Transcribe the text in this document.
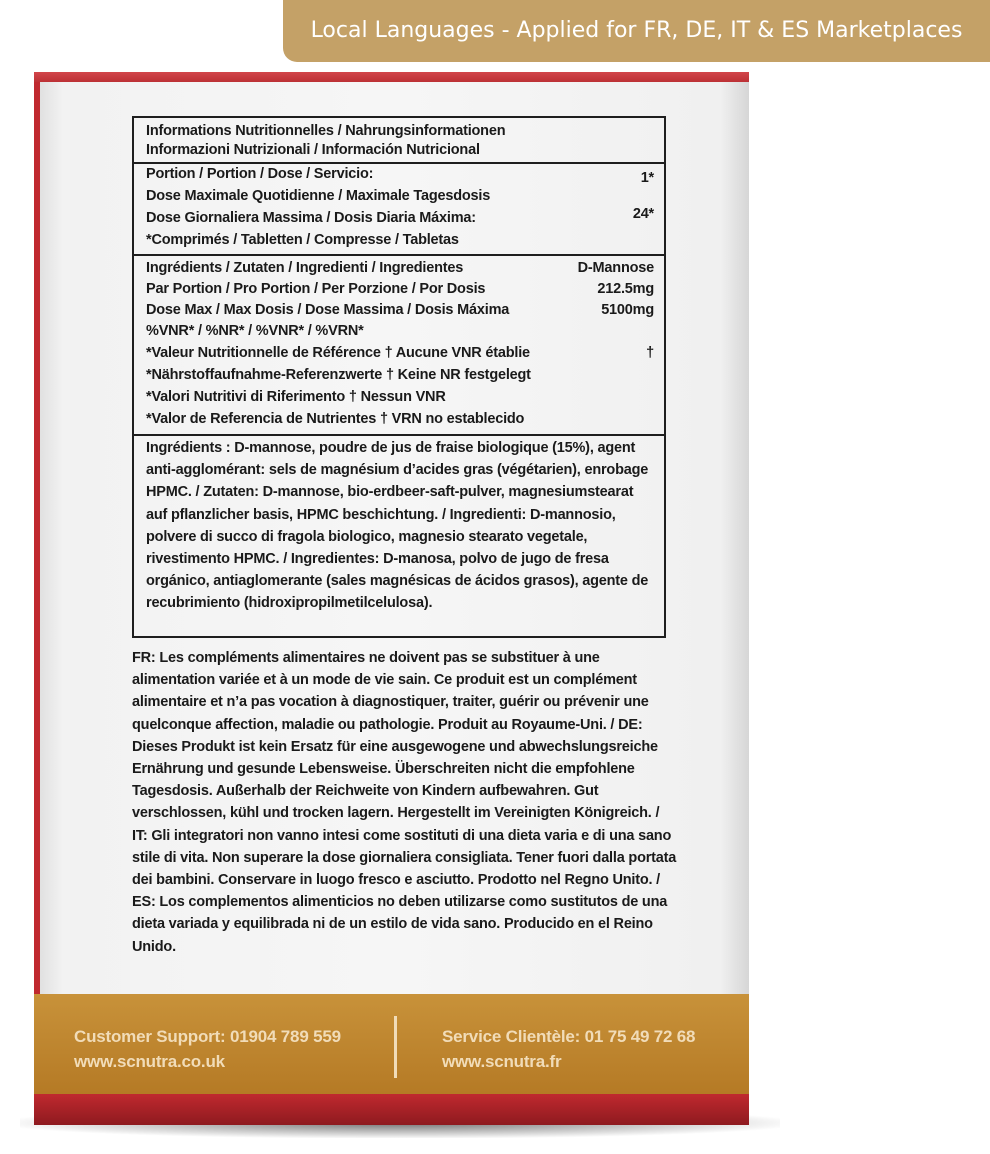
Local Languages - Applied for FR, DE, IT & ES Marketplaces
Informations Nutritionnelles / Nahrungsinformationen
Informazioni Nutrizionali / Información Nutricional
Portion / Portion / Dose / Servicio:	1*
Dose Maximale Quotidienne / Maximale Tagesdosis
Dose Giornaliera Massima / Dosis Diaria Máxima:	24*
*Comprimés / Tabletten / Compresse / Tabletas
Ingrédients / Zutaten / Ingredienti / Ingredientes	D-Mannose
Par Portion / Pro Portion / Per Porzione / Por Dosis	212.5mg
Dose Max / Max Dosis / Dose Massima / Dosis Máxima	5100mg
%VNR* / %NR* / %VNR* / %VRN*
*Valeur Nutritionnelle de Référence † Aucune VNR établie	†
*Nährstoffaufnahme-Referenzwerte † Keine NR festgelegt
*Valori Nutritivi di Riferimento † Nessun VNR
*Valor de Referencia de Nutrientes † VRN no establecido
Ingrédients : D-mannose, poudre de jus de fraise biologique (15%), agent anti-agglomérant: sels de magnésium d’acides gras (végétarien), enrobage HPMC. / Zutaten: D-mannose, bio-erdbeer-saft-pulver, magnesiumstearat auf pflanzlicher basis, HPMC beschichtung. / Ingredienti: D-mannosio, polvere di succo di fragola biologico, magnesio stearato vegetale, rivestimento HPMC. / Ingredientes: D-manosa, polvo de jugo de fresa orgánico, antiaglomerante (sales magnésicas de ácidos grasos), agente de recubrimiento (hidroxipropilmetilcelulosa).
FR: Les compléments alimentaires ne doivent pas se substituer à une alimentation variée et à un mode de vie sain. Ce produit est un complément alimentaire et n’a pas vocation à diagnostiquer, traiter, guérir ou prévenir une quelconque affection, maladie ou pathologie. Produit au Royaume-Uni. / DE: Dieses Produkt ist kein Ersatz für eine ausgewogene und abwechslungsreiche Ernährung und gesunde Lebensweise. Überschreiten nicht die empfohlene Tagesdosis. Außerhalb der Reichweite von Kindern aufbewahren. Gut verschlossen, kühl und trocken lagern. Hergestellt im Vereinigten Königreich. / IT: Gli integratori non vanno intesi come sostituti di una dieta varia e di una sano stile di vita. Non superare la dose giornaliera consigliata. Tener fuori dalla portata dei bambini. Conservare in luogo fresco e asciutto. Prodotto nel Regno Unito. / ES: Los complementos alimenticios no deben utilizarse como sustitutos de una dieta variada y equilibrada ni de un estilo de vida sano. Producido en el Reino Unido.
Customer Support: 01904 789 559
www.scnutra.co.uk
Service Clientèle: 01 75 49 72 68
www.scnutra.fr
